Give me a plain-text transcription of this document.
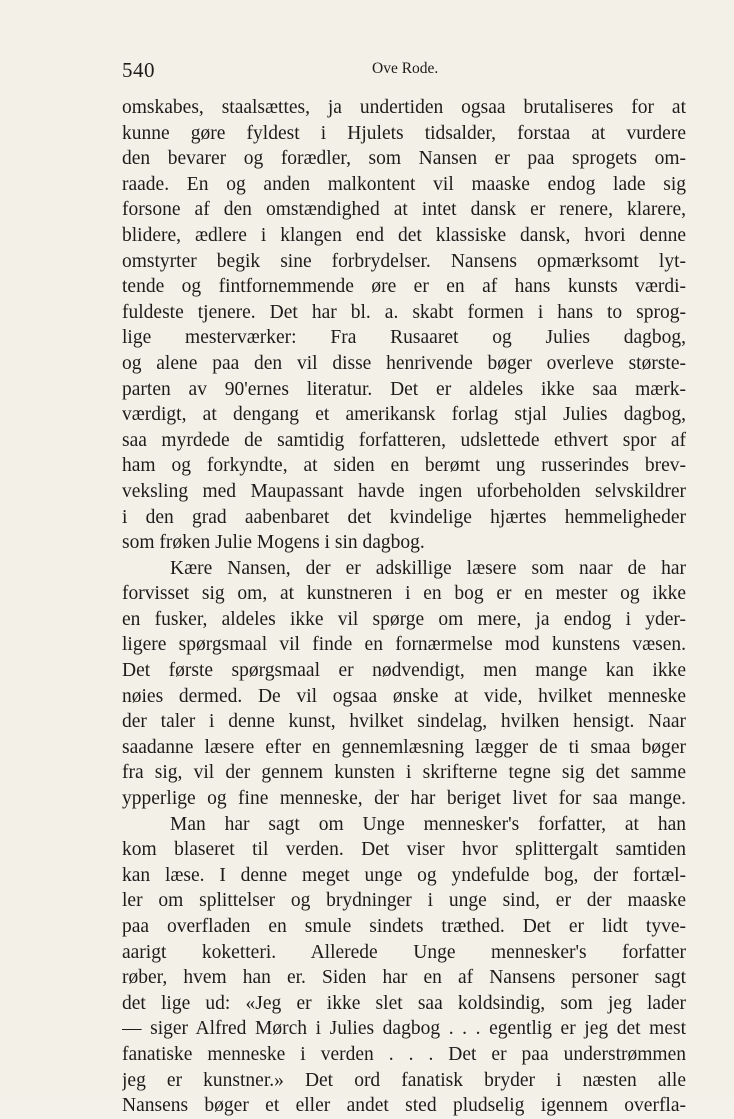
540	Ove Rode.
omskabes, staalsættes, ja undertiden ogsaa brutaliseres for at
kunne gøre fyldest i Hjulets tidsalder, forstaa at vurdere
den bevarer og forædler, som Nansen er paa sprogets om-
raade. En og anden malkontent vil maaske endog lade sig
forsone af den omstændighed at intet dansk er renere, klarere,
blidere, ædlere i klangen end det klassiske dansk, hvori denne
omstyrter begik sine forbrydelser. Nansens opmærksomt lyt-
tende og fintfornemmende øre er en af hans kunsts værdi-
fuldeste tjenere. Det har bl. a. skabt formen i hans to sprog-
lige mesterværker: Fra Rusaaret og Julies dagbog,
og alene paa den vil disse henrivende bøger overleve største-
parten av 90'ernes literatur. Det er aldeles ikke saa mærk-
værdigt, at dengang et amerikansk forlag stjal Julies dagbog,
saa myrdede de samtidig forfatteren, udslettede ethvert spor af
ham og forkyndte, at siden en berømt ung russerindes brev-
veksling med Maupassant havde ingen uforbeholden selvskildrer
i den grad aabenbaret det kvindelige hjærtes hemmeligheder
som frøken Julie Mogens i sin dagbog.
Kære Nansen, der er adskillige læsere som naar de har
forvisset sig om, at kunstneren i en bog er en mester og ikke
en fusker, aldeles ikke vil spørge om mere, ja endog i yder-
ligere spørgsmaal vil finde en fornærmelse mod kunstens væsen.
Det første spørgsmaal er nødvendigt, men mange kan ikke
nøies dermed. De vil ogsaa ønske at vide, hvilket menneske
der taler i denne kunst, hvilket sindelag, hvilken hensigt. Naar
saadanne læsere efter en gennemlæsning lægger de ti smaa bøger
fra sig, vil der gennem kunsten i skrifterne tegne sig det samme
ypperlige og fine menneske, der har beriget livet for saa mange.
Man har sagt om Unge mennesker's forfatter, at han
kom blaseret til verden. Det viser hvor splittergalt samtiden
kan læse. I denne meget unge og yndefulde bog, der fortæl-
ler om splittelser og brydninger i unge sind, er der maaske
paa overfladen en smule sindets træthed. Det er lidt tyve-
aarigt koketteri. Allerede Unge mennesker's forfatter
røber, hvem han er. Siden har en af Nansens personer sagt
det lige ud: «Jeg er ikke slet saa koldsindig, som jeg lader
— siger Alfred Mørch i Julies dagbog . . . egentlig er jeg det mest
fanatiske menneske i verden . . . Det er paa understrømmen
jeg er kunstner.» Det ord fanatisk bryder i næsten alle
Nansens bøger et eller andet sted pludselig igennem overfla-
